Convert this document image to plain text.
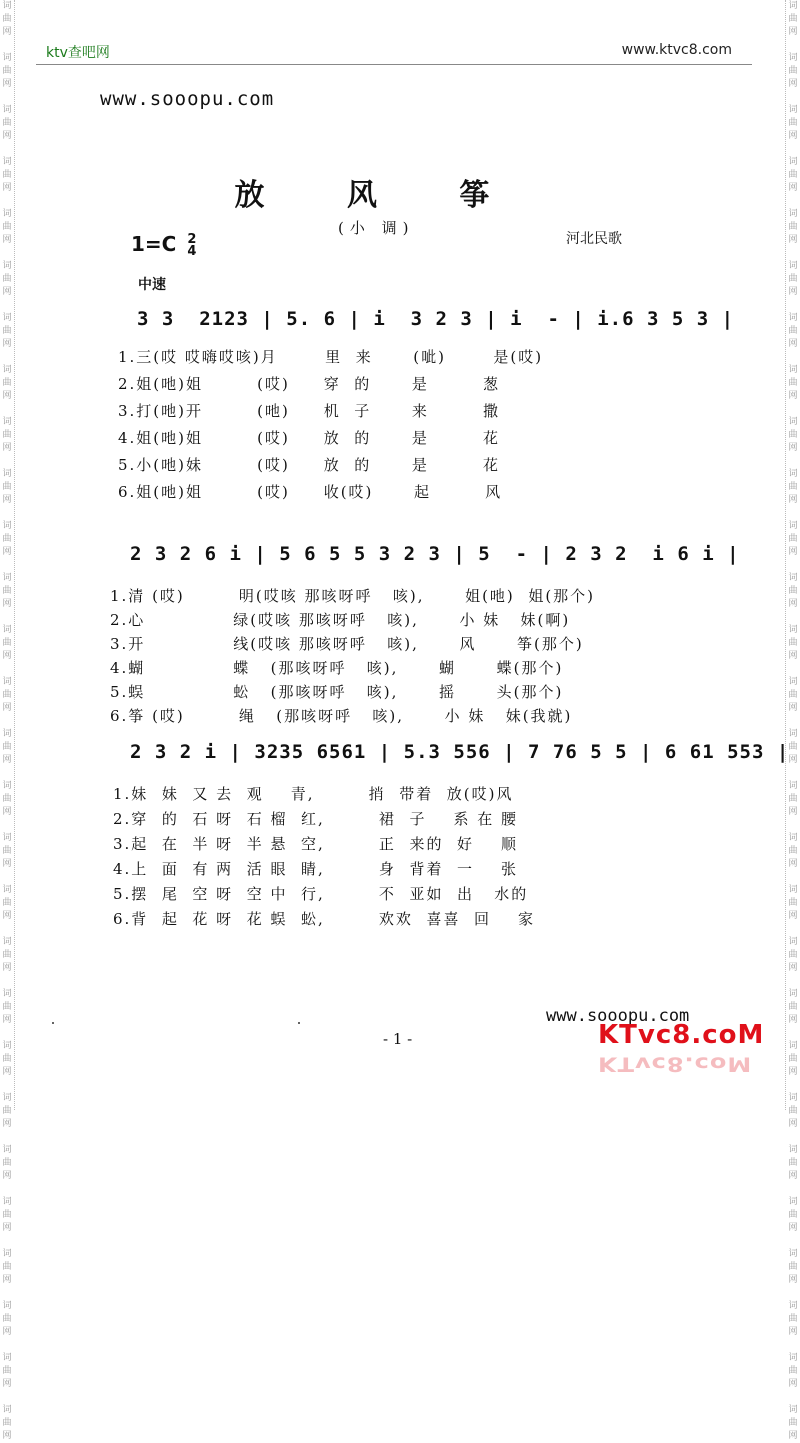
词
曲
网

词
曲
网

词
曲
网

词
曲
网

词
曲
网

词
曲
网

词
曲
网

词
曲
网

词
曲
网

词
曲
网

词
曲
网

词
曲
网

词
曲
网

词
曲
网

词
曲
网

词
曲
网

词
曲
网

词
曲
网

词
曲
网

词
曲
网

词
曲
网

词
曲
网

词
曲
网

词
曲
网

词
曲
网

词
曲
网

词
曲
网

词
曲
网
词
曲
网

词
曲
网

词
曲
网

词
曲
网

词
曲
网

词
曲
网

词
曲
网

词
曲
网

词
曲
网

词
曲
网

词
曲
网

词
曲
网

词
曲
网

词
曲
网

词
曲
网

词
曲
网

词
曲
网

词
曲
网

词
曲
网

词
曲
网

词
曲
网

词
曲
网

词
曲
网

词
曲
网

词
曲
网

词
曲
网

词
曲
网

词
曲
网
ktv查吧网	www.ktvc8.com
www.sooopu.com
放 风 筝
(小 调)
河北民歌
1=C 2
4
中速
3 3  2123 | 5. 6 | i  3 2 3 | i  - | i.6 3 5 3 |
1.三(哎 哎嗨哎咳)月       里  来      (呲)       是(哎)
2.姐(吔)姐        (哎)     穿  的      是        葱
3.打(吔)开        (吔)     机  子      来        撒
4.姐(吔)姐        (哎)     放  的      是        花
5.小(吔)妹        (哎)     放  的      是        花
6.姐(吔)姐        (哎)     收(哎)      起        风
2 3 2 6 i | 5 6 5 5 3 2 3 | 5  - | 2 3 2  i 6 i |
1.清 (哎)        明(哎咳 那咳呀呼   咳),      姐(吔)  姐(那个)
2.心             绿(哎咳 那咳呀呼   咳),      小 妹   妹(啊)
3.开             线(哎咳 那咳呀呼   咳),      风      筝(那个)
4.蝴             蝶   (那咳呀呼   咳),      蝴      蝶(那个)
5.蜈             蚣   (那咳呀呼   咳),      摇      头(那个)
6.筝 (哎)        绳   (那咳呀呼   咳),      小 妹   妹(我就)
2 3 2 i | 3235 6561 | 5.3 556 | 7 76 5 5 | 6 61 553 |
1.妹  妹  又 去  观    青,        捎  带着  放(哎)风
2.穿  的  石 呀  石 榴  红,        裙  子    系 在 腰
3.起  在  半 呀  半 悬  空,        正  来的  好    顺
4.上  面  有 两  活 眼  睛,        身  背着  一    张
5.摆  尾  空 呀  空 中  行,        不  亚如  出   水的
6.背  起  花 呀  花 蜈  蚣,        欢欢  喜喜  回    家
www.sooopu.com
- 1 -	KTvc8.coM
KTvc8.coM
